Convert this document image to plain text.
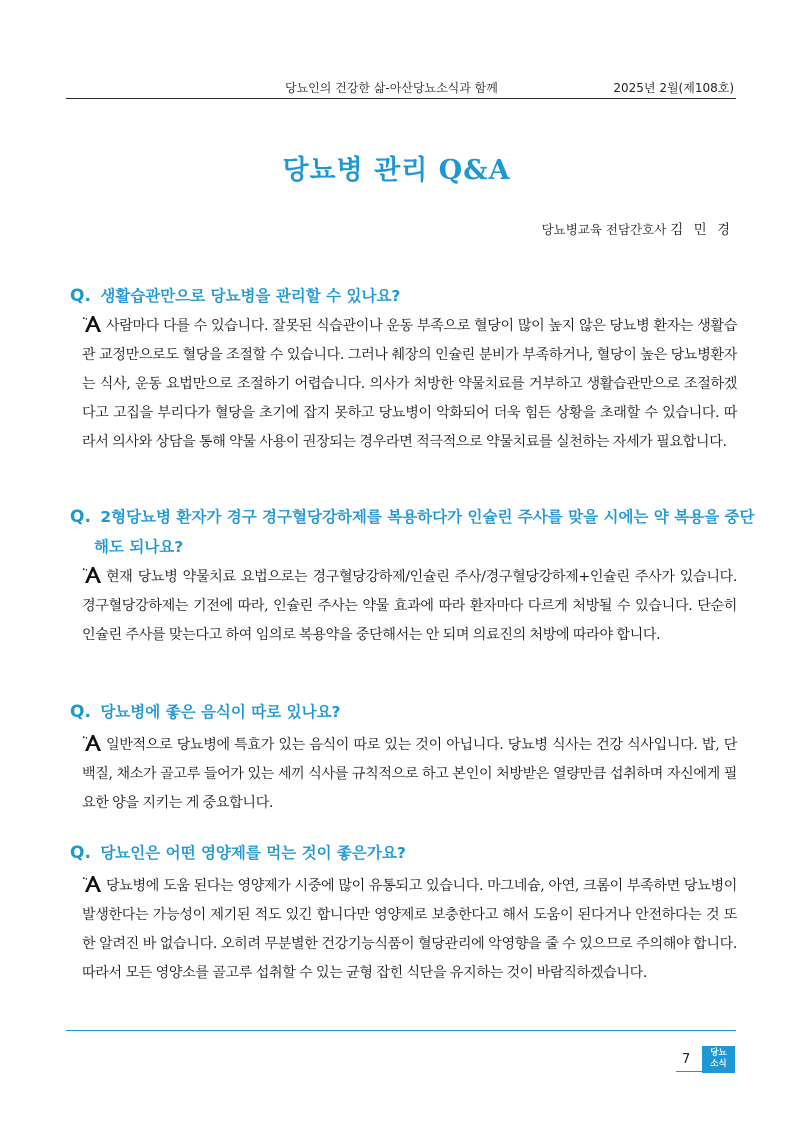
당뇨인의 건강한 삶-아산당뇨소식과 함께	2025년 2월(제108호)
당뇨병 관리 Q&A
당뇨병교육 전담간호사 김 민 경
Q. 생활습관만으로 당뇨병을 관리할 수 있나요?
사람마다 다를 수 있습니다. 잘못된 식습관이나 운동 부족으로 혈당이 많이 높지 않은 당뇨병 환자는 생활습관 교정만으로도 혈당을 조절할 수 있습니다. 그러나 췌장의 인슐린 분비가 부족하거나, 혈당이 높은 당뇨병환자는 식사, 운동 요법만으로 조절하기 어렵습니다. 의사가 처방한 약물치료를 거부하고 생활습관만으로 조절하겠다고 고집을 부리다가 혈당을 초기에 잡지 못하고 당뇨병이 악화되어 더욱 힘든 상황을 초래할 수 있습니다. 따라서 의사와 상담을 통해 약물 사용이 권장되는 경우라면 적극적으로 약물치료를 실천하는 자세가 필요합니다.
Q. 2형당뇨병 환자가 경구 경구혈당강하제를 복용하다가 인슐린 주사를 맞을 시에는 약 복용을 중단해도 되나요?
현재 당뇨병 약물치료 요법으로는 경구혈당강하제/인슐린 주사/경구혈당강하제+인슐린 주사가 있습니다. 경구혈당강하제는 기전에 따라, 인슐린 주사는 약물 효과에 따라 환자마다 다르게 처방될 수 있습니다. 단순히 인슐린 주사를 맞는다고 하여 임의로 복용약을 중단해서는 안 되며 의료진의 처방에 따라야 합니다.
Q. 당뇨병에 좋은 음식이 따로 있나요?
일반적으로 당뇨병에 특효가 있는 음식이 따로 있는 것이 아닙니다. 당뇨병 식사는 건강 식사입니다. 밥, 단백질, 채소가 골고루 들어가 있는 세끼 식사를 규칙적으로 하고 본인이 처방받은 열량만큼 섭취하며 자신에게 필요한 양을 지키는 게 중요합니다.
Q. 당뇨인은 어떤 영양제를 먹는 것이 좋은가요?
당뇨병에 도움 된다는 영양제가 시중에 많이 유통되고 있습니다. 마그네슘, 아연, 크롬이 부족하면 당뇨병이 발생한다는 가능성이 제기된 적도 있긴 합니다만 영양제로 보충한다고 해서 도움이 된다거나 안전하다는 것 또한 알려진 바 없습니다. 오히려 무분별한 건강기능식품이 혈당관리에 악영향을 줄 수 있으므로 주의해야 합니다. 따라서 모든 영양소를 골고루 섭취할 수 있는 균형 잡힌 식단을 유지하는 것이 바람직하겠습니다.
7	당뇨
소식
